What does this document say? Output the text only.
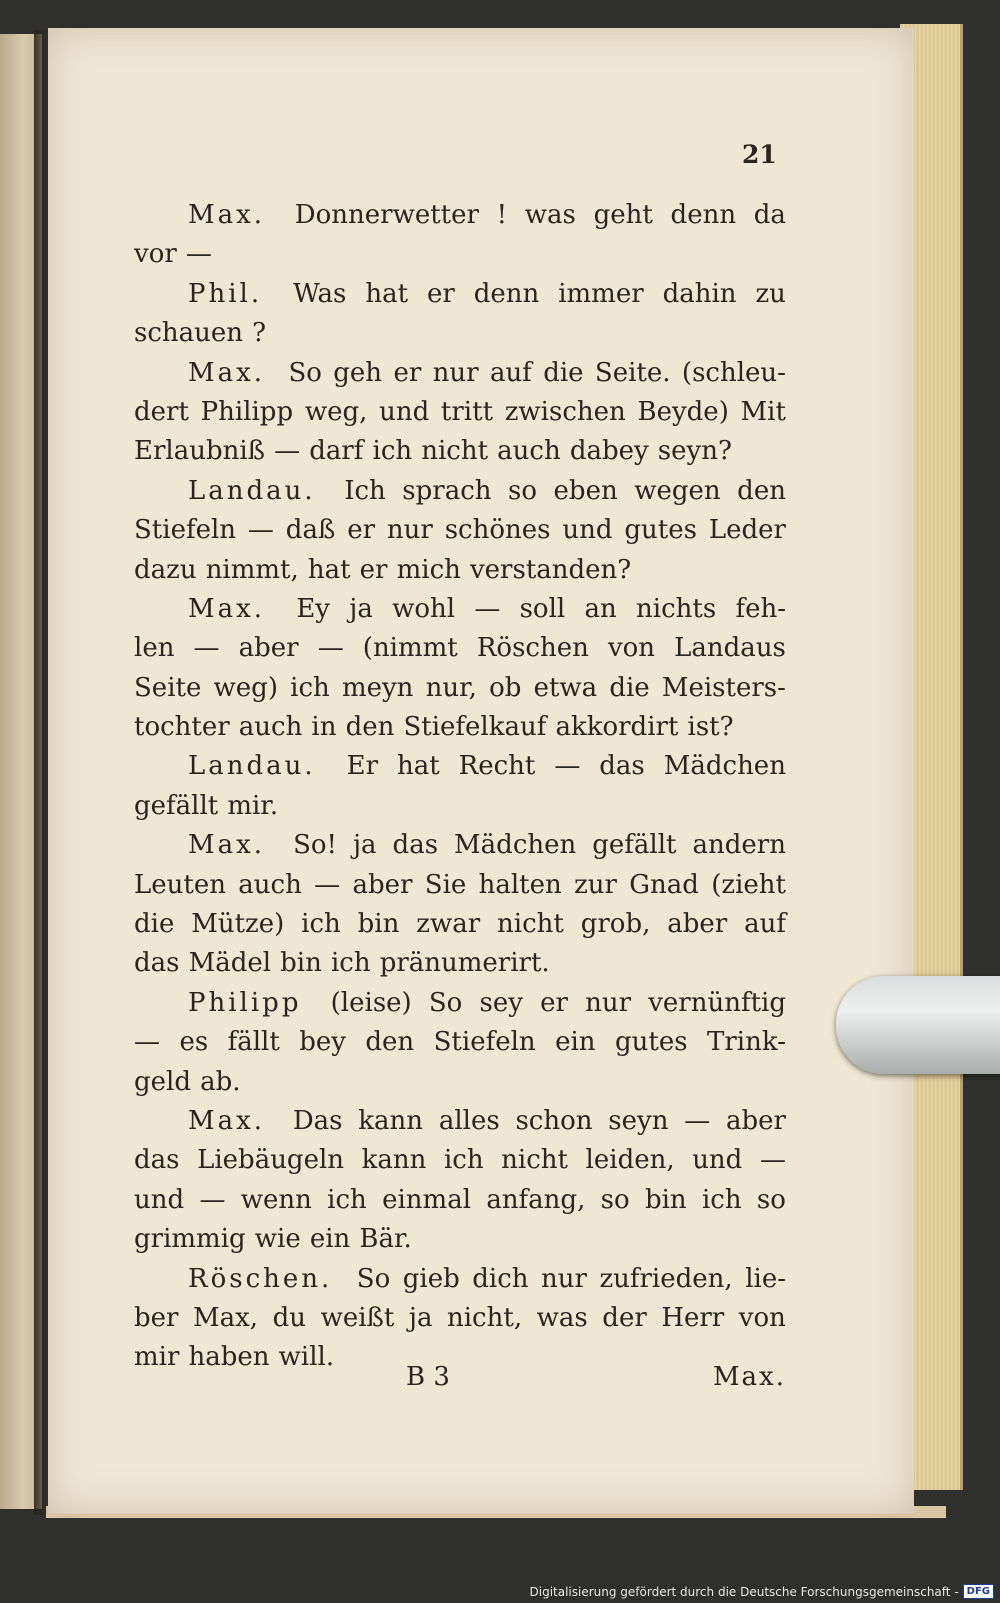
21

Max. Donnerwetter ! was geht denn da
vor —
Phil. Was hat er denn immer dahin zu
schauen ?
Max. So geh er nur auf die Seite. (schleu-
dert Philipp weg, und tritt zwischen Beyde) Mit
Erlaubniß — darf ich nicht auch dabey seyn?
Landau. Ich sprach so eben wegen den
Stiefeln — daß er nur schönes und gutes Leder
dazu nimmt, hat er mich verstanden?
Max. Ey ja wohl — soll an nichts feh-
len — aber — (nimmt Röschen von Landaus
Seite weg) ich meyn nur, ob etwa die Meisters-
tochter auch in den Stiefelkauf akkordirt ist?
Landau. Er hat Recht — das Mädchen
gefällt mir.
Max. So! ja das Mädchen gefällt andern
Leuten auch — aber Sie halten zur Gnad (zieht
die Mütze) ich bin zwar nicht grob, aber auf
das Mädel bin ich pränumerirt.
Philipp (leise) So sey er nur vernünftig
— es fällt bey den Stiefeln ein gutes Trink-
geld ab.
Max. Das kann alles schon seyn — aber
das Liebäugeln kann ich nicht leiden, und —
und — wenn ich einmal anfang, so bin ich so
grimmig wie ein Bär.
Röschen. So gieb dich nur zufrieden, lie-
ber Max, du weißt ja nicht, was der Herr von
mir haben will.

B 3	Max.

Digitalisierung gefördert durch die Deutsche Forschungsgemeinschaft - DFG
